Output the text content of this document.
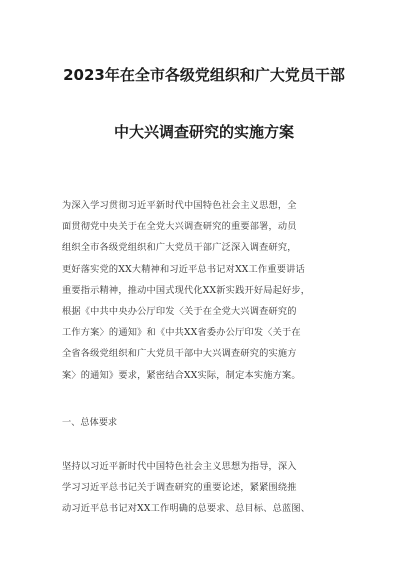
2023年在全市各级党组织和广大党员干部
中大兴调查研究的实施方案
为深入学习贯彻习近平新时代中国特色社会主义思想，全
面贯彻党中央关于在全党大兴调查研究的重要部署，动员
组织全市各级党组织和广大党员干部广泛深入调查研究，
更好落实党的XX大精神和习近平总书记对XX工作重要讲话
重要指示精神，推动中国式现代化XX新实践开好局起好步，
根据《中共中央办公厅印发〈关于在全党大兴调查研究的
工作方案〉的通知》和《中共XX省委办公厅印发〈关于在
全省各级党组织和广大党员干部中大兴调查研究的实施方
案〉的通知》要求，紧密结合XX实际，制定本实施方案。
一、总体要求
坚持以习近平新时代中国特色社会主义思想为指导，深入
学习习近平总书记关于调查研究的重要论述，紧紧围绕推
动习近平总书记对XX工作明确的总要求、总目标、总蓝图、
